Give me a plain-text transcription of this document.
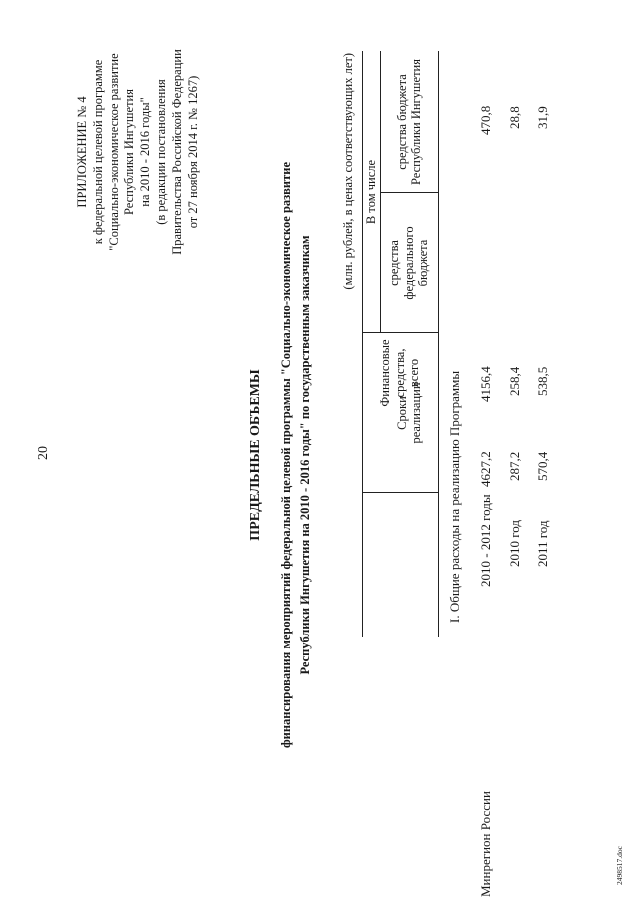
20
ПРИЛОЖЕНИЕ № 4 к федеральной целевой программе "Социально-экономическое развитие Республики Ингушетия на 2010 - 2016 годы" (в редакции постановления Правительства Российской Федерации от 27 ноября 2014 г. № 1267)
ПРЕДЕЛЬНЫЕ ОБЪЕМЫ финансирования мероприятий федеральной целевой программы "Социально-экономическое развитие Республики Ингушетия на 2010 - 2016 годы" по государственным заказчикам
(млн. рублей, в ценах соответствующих лет)
Сроки реализации
Финансовые средства, всего
В том числе
средства федерального бюджета
средства бюджета Республики Ингушетия
I. Общие расходы на реализацию Программы
Минрегион России
2010 - 2012 годы
4627,2
4156,4
470,8
2010 год
287,2
258,4
28,8
2011 год
570,4
538,5
31,9
2498517.doc
